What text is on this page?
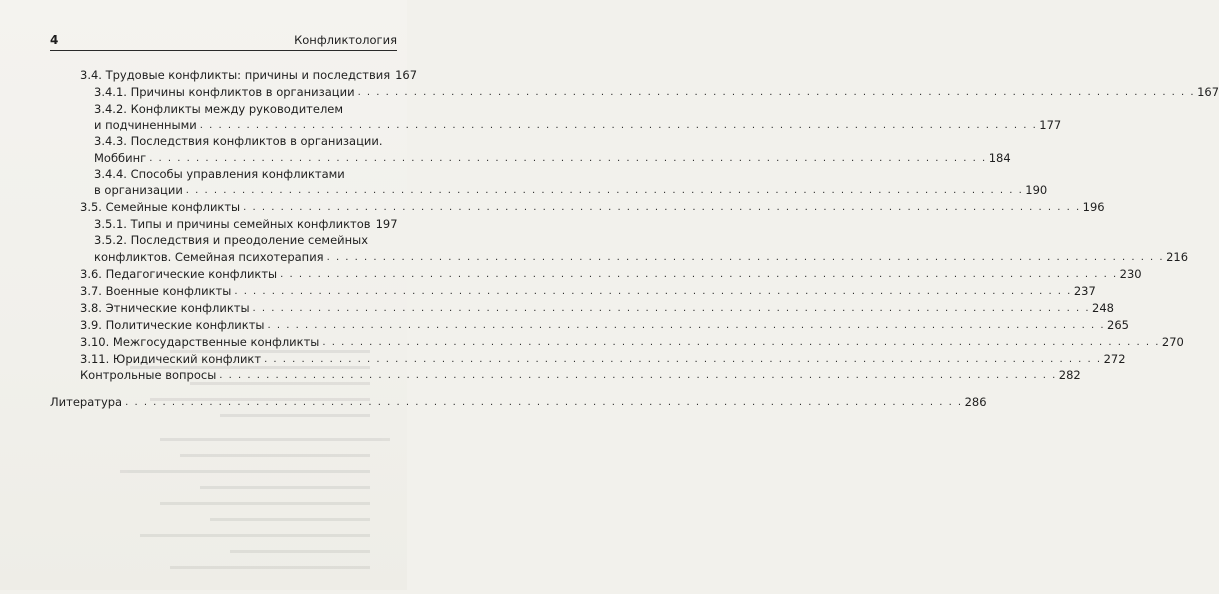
4	Конфликтология
3.4. Трудовые конфликты: причины и последствия 167
3.4.1. Причины конфликтов в организации . . .	167
3.4.2. Конфликты между руководителем
и подчиненными . . .	177
3.4.3. Последствия конфликтов в организации.
Моббинг . . .	184
3.4.4. Способы управления конфликтами
в организации . . .	190
3.5. Семейные конфликты . . .	196
3.5.1. Типы и причины семейных конфликтов 197
3.5.2. Последствия и преодоление семейных
конфликтов. Семейная психотерапия . . .	216
3.6. Педагогические конфликты . . .	230
3.7. Военные конфликты . . .	237
3.8. Этнические конфликты . . .	248
3.9. Политические конфликты . . .	265
3.10. Межгосударственные конфликты . . .	270
3.11. Юридический конфликт . . .	272
Контрольные вопросы . . .	282
Литература . . .	286
